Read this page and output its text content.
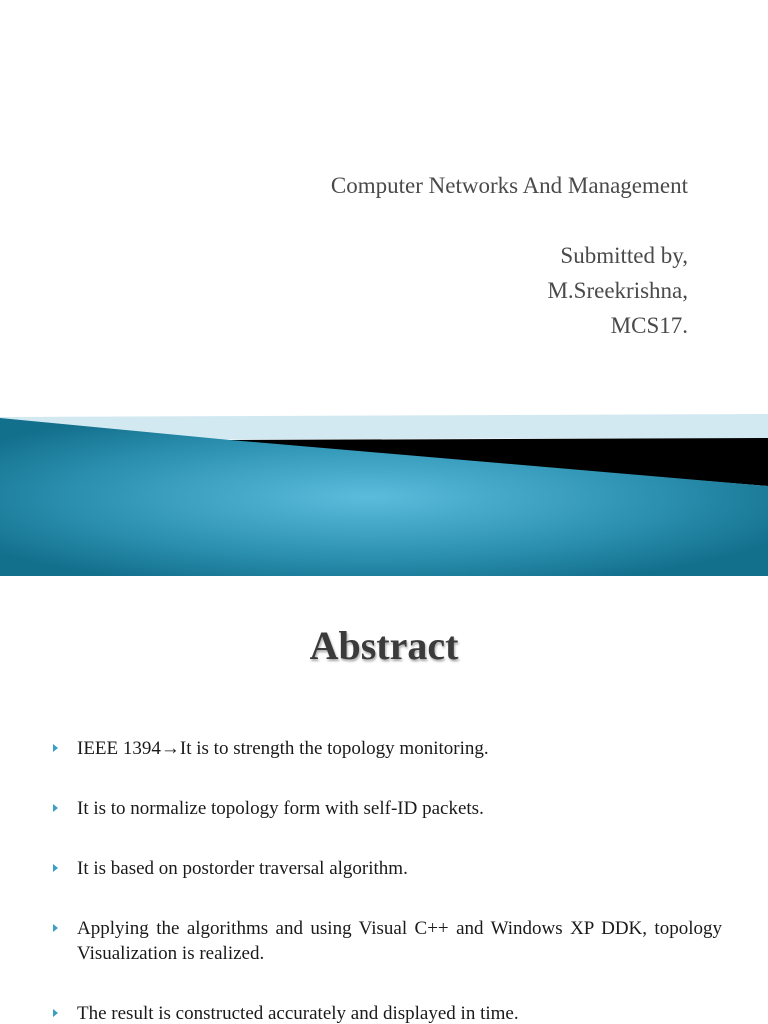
Computer Networks And Management
Submitted by,
M.Sreekrishna,
MCS17.
Abstract
IEEE 1394→It is to strength the topology monitoring.
It is to normalize topology form with self-ID packets.
It is based on postorder traversal algorithm.
Applying the algorithms and using Visual C++ and Windows XP DDK, topology Visualization is realized.
The result is constructed accurately and displayed in time.
